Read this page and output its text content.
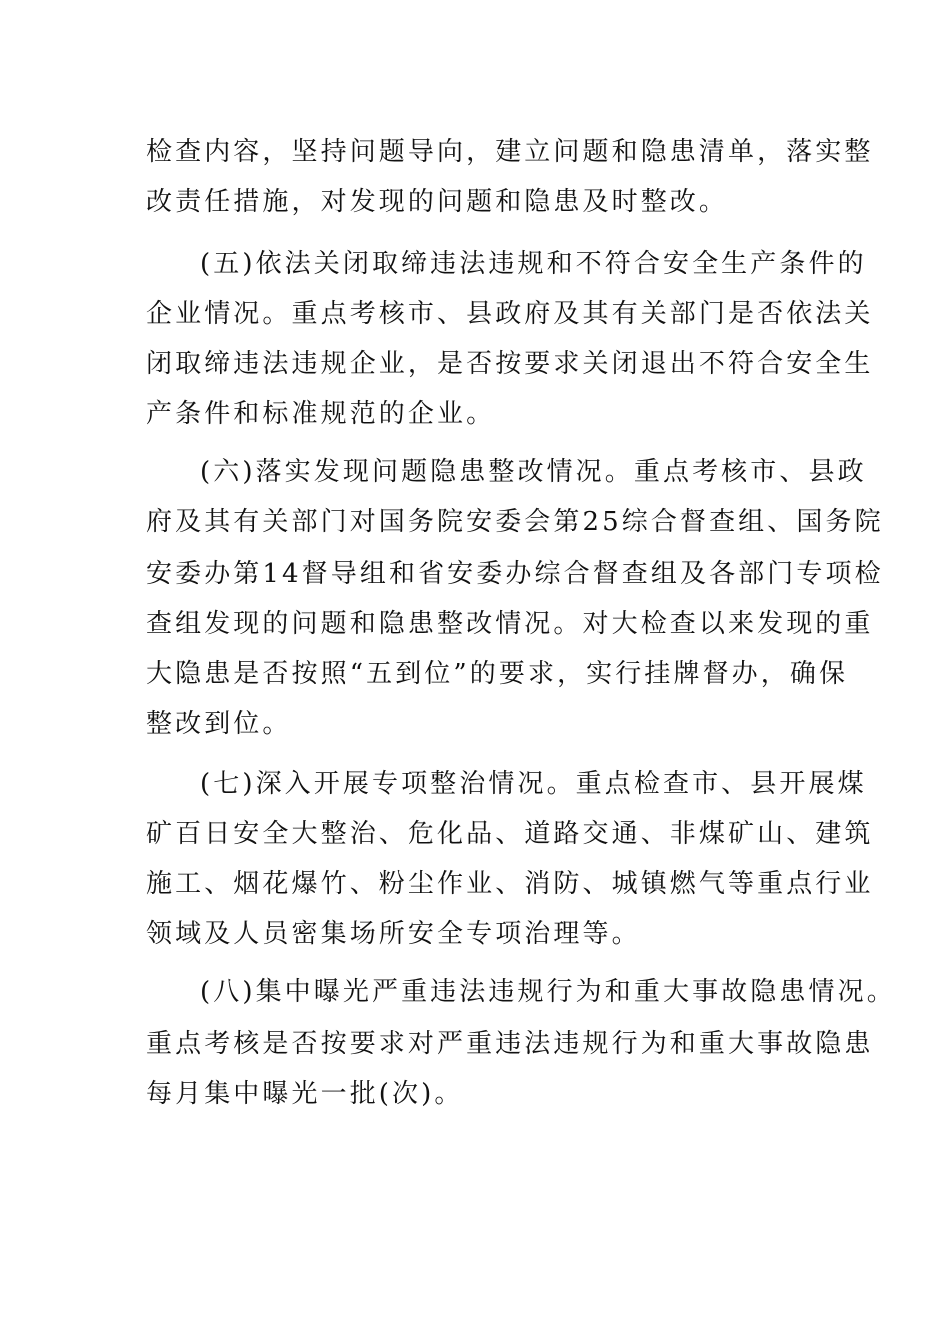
检查内容，坚持问题导向，建立问题和隐患清单，落实整

改责任措施，对发现的问题和隐患及时整改。

(五)依法关闭取缔违法违规和不符合安全生产条件的

企业情况。重点考核市、县政府及其有关部门是否依法关

闭取缔违法违规企业，是否按要求关闭退出不符合安全生

产条件和标准规范的企业。

(六)落实发现问题隐患整改情况。重点考核市、县政

府及其有关部门对国务院安委会第25综合督查组、国务院

安委办第14督导组和省安委办综合督查组及各部门专项检

查组发现的问题和隐患整改情况。对大检查以来发现的重

大隐患是否按照“五到位”的要求，实行挂牌督办，确保

整改到位。

(七)深入开展专项整治情况。重点检查市、县开展煤

矿百日安全大整治、危化品、道路交通、非煤矿山、建筑

施工、烟花爆竹、粉尘作业、消防、城镇燃气等重点行业

领域及人员密集场所安全专项治理等。

(八)集中曝光严重违法违规行为和重大事故隐患情况。

重点考核是否按要求对严重违法违规行为和重大事故隐患

每月集中曝光一批(次)。
